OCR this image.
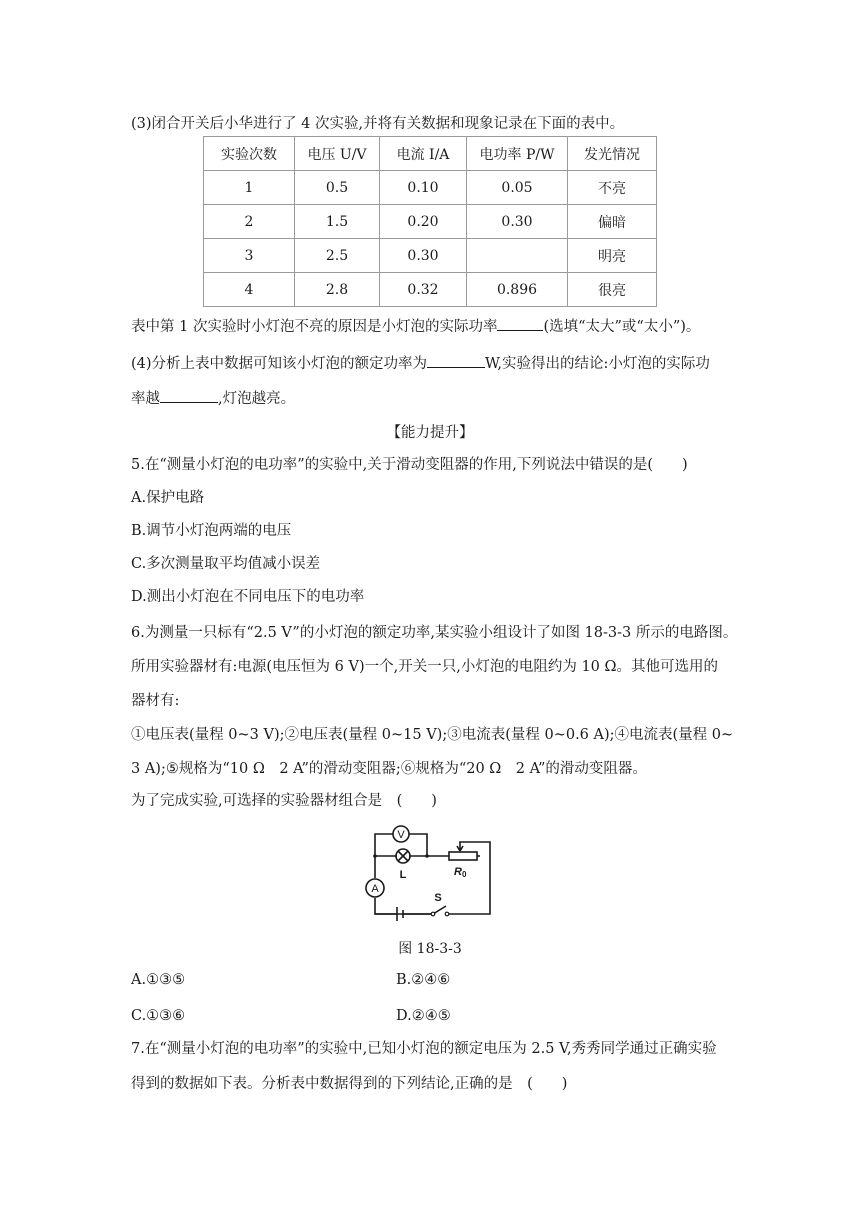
(3)闭合开关后小华进行了 4 次实验,并将有关数据和现象记录在下面的表中。
实验次数	电压 U/V	电流 I/A	电功率 P/W	发光情况
1	0.5	0.10	0.05	不亮
2	1.5	0.20	0.30	偏暗
3	2.5	0.30		明亮
4	2.8	0.32	0.896	很亮
表中第 1 次实验时小灯泡不亮的原因是小灯泡的实际功率	(选填“太大”或“太小”)。
(4)分析上表中数据可知该小灯泡的额定功率为	W,实验得出的结论:小灯泡的实际功
率越	,灯泡越亮。
【能力提升】
5.在“测量小灯泡的电功率”的实验中,关于滑动变阻器的作用,下列说法中错误的是(　　)
A.保护电路
B.调节小灯泡两端的电压
C.多次测量取平均值减小误差
D.测出小灯泡在不同电压下的电功率
6.为测量一只标有“2.5 V”的小灯泡的额定功率,某实验小组设计了如图 18-3-3 所示的电路图。
所用实验器材有:电源(电压恒为 6 V)一个,开关一只,小灯泡的电阻约为 10 Ω。其他可选用的
器材有:
①电压表(量程 0~3 V);②电压表(量程 0~15 V);③电流表(量程 0~0.6 A);④电流表(量程 0~
3 A);⑤规格为“10 Ω　2 A”的滑动变阻器;⑥规格为“20 Ω　2 A”的滑动变阻器。
为了完成实验,可选择的实验器材组合是　(　　)
V
A
L
S
R 0
图 18-3-3
A.①③⑤	B.②④⑥
C.①③⑥	D.②④⑤
7.在“测量小灯泡的电功率”的实验中,已知小灯泡的额定电压为 2.5 V,秀秀同学通过正确实验
得到的数据如下表。分析表中数据得到的下列结论,正确的是　(　　)
